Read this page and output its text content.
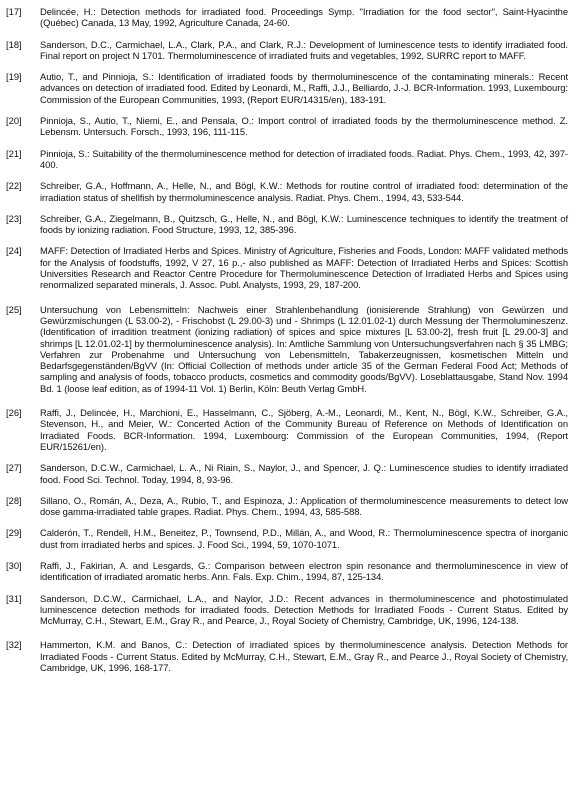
[17]	Delincée, H.: Detection methods for irradiated food. Proceedings Symp. "Irradiation for the food sector", Saint-Hyacinthe (Québec) Canada, 13 May, 1992, Agriculture Canada, 24-60.
[18]	Sanderson, D.C., Carmichael, L.A., Clark, P.A., and Clark, R.J.: Development of luminescence tests to identify irradiated food. Final report on project N 1701. Thermoluminescence of irradiated fruits and vegetables, 1992, SURRC report to MAFF.
[19]	Autio, T., and Pinnioja, S.: Identification of irradiated foods by thermoluminescence of the contaminating minerals.: Recent advances on detection of irradiated food. Edited by Leonardi, M., Raffi, J.J., Belliardo, J.-J. BCR-Information. 1993, Luxembourg: Commission of the European Communities, 1993, (Report EUR/14315/en), 183-191.
[20]	Pinnioja, S., Autio, T., Niemi, E., and Pensala, O.: Import control of irradiated foods by the thermoluminescence method. Z. Lebensm. Untersuch. Forsch., 1993, 196, 111-115.
[21]	Pinnioja, S.: Suitability of the thermoluminescence method for detection of irradiated foods. Radiat. Phys. Chem., 1993, 42, 397-400.
[22]	Schreiber, G.A., Hoffmann, A., Helle, N., and Bögl, K.W.: Methods for routine control of irradiated food: determination of the irradiation status of shellfish by thermoluminescence analysis. Radiat. Phys. Chem., 1994, 43, 533-544.
[23]	Schreiber, G.A., Ziegelmann, B., Quitzsch, G., Helle, N., and Bögl, K.W.: Luminescence techniques to identify the treatment of foods by ionizing radiation. Food Structure, 1993, 12, 385-396.
[24]	MAFF: Detection of Irradiated Herbs and Spices. Ministry of Agriculture, Fisheries and Foods, London: MAFF validated methods for the Analysis of foodstuffs, 1992, V 27, 16 p.,- also published as MAFF: Detection of Irradiated Herbs and Spices: Scottish Universities Research and Reactor Centre Procedure for Thermoluminescence Detection of Irradiated Herbs and Spices using renormalized separated minerals, J. Assoc. Publ. Analysts, 1993, 29, 187-200.
[25]	Untersuchung von Lebensmitteln: Nachweis einer Strahlenbehandlung (ionisierende Strahlung) von Gewürzen und Gewürzmischungen (L 53.00-2), - Frischobst (L 29.00-3) und - Shrimps (L 12.01.02-1) durch Messung der Thermolumineszenz. (Identification of irradition treatment (ionizing radiation) of spices and spice mixtures [L 53.00-2], fresh fruit [L 29.00-3] and shrimps [L 12.01.02-1] by thermoluminescence analysis). In: Amtliche Sammlung von Untersuchungsverfahren nach § 35 LMBG; Verfahren zur Probenahme und Untersuchung von Lebensmitteln, Tabakerzeugnissen, kosmetischen Mitteln und Bedarfsgegenständen/BgVV (In: Official Collection of methods under article 35 of the German Federal Food Act; Methods of sampling and analysis of foods, tobacco products, cosmetics and commodity goods/BgVV). Loseblattausgabe, Stand Nov. 1994 Bd. 1 (loose leaf edition, as of 1994-11 Vol. 1) Berlin, Köln: Beuth Verlag GmbH.
[26]	Raffi, J., Delincée, H., Marchioni, E., Hasselmann, C., Sjöberg, A.-M., Leonardi, M., Kent, N., Bögl, K.W., Schreiber, G.A., Stevenson, H., and Meier, W.: Concerted Action of the Community Bureau of Reference on Methods of Identification on Irradiated Foods. BCR-Information. 1994, Luxembourg: Commission of the European Communities, 1994, (Report EUR/15261/en).
[27]	Sanderson, D.C.W., Carmichael, L. A., Ni Riain, S., Naylor, J., and Spencer, J. Q.: Luminescence studies to identify irradiated food. Food Sci. Technol. Today, 1994, 8, 93-96.
[28]	Sillano, O., Román, A., Deza, A., Rubio, T., and Espinoza, J.: Application of thermoluminescence measurements to detect low dose gamma-irradiated table grapes. Radiat. Phys. Chem., 1994, 43, 585-588.
[29]	Calderón, T., Rendell, H.M., Beneitez, P., Townsend, P.D., Millán, A., and Wood, R.: Thermoluminescence spectra of inorganic dust from irradiated herbs and spices. J. Food Sci., 1994, 59, 1070-1071.
[30]	Raffi, J., Fakirian, A. and Lesgards, G.: Comparison between electron spin resonance and thermoluminescence in view of identification of irradiated aromatic herbs. Ann. Fals. Exp. Chim., 1994, 87, 125-134.
[31]	Sanderson, D.C.W., Carmichael, L.A., and Naylor, J.D.: Recent advances in thermoluminescence and photostimulated luminescence detection methods for irradiated foods. Detection Methods for Irradiated Foods - Current Status. Edited by McMurray, C.H., Stewart, E.M., Gray R., and Pearce, J., Royal Society of Chemistry, Cambridge, UK, 1996, 124-138.
[32]	Hammerton, K.M. and Banos, C.: Detection of irradiated spices by thermoluminescence analysis. Detection Methods for Irradiated Foods - Current Status. Edited by McMurray, C.H., Stewart, E.M., Gray R., and Pearce J., Royal Society of Chemistry, Cambridge, UK, 1996, 168-177.
